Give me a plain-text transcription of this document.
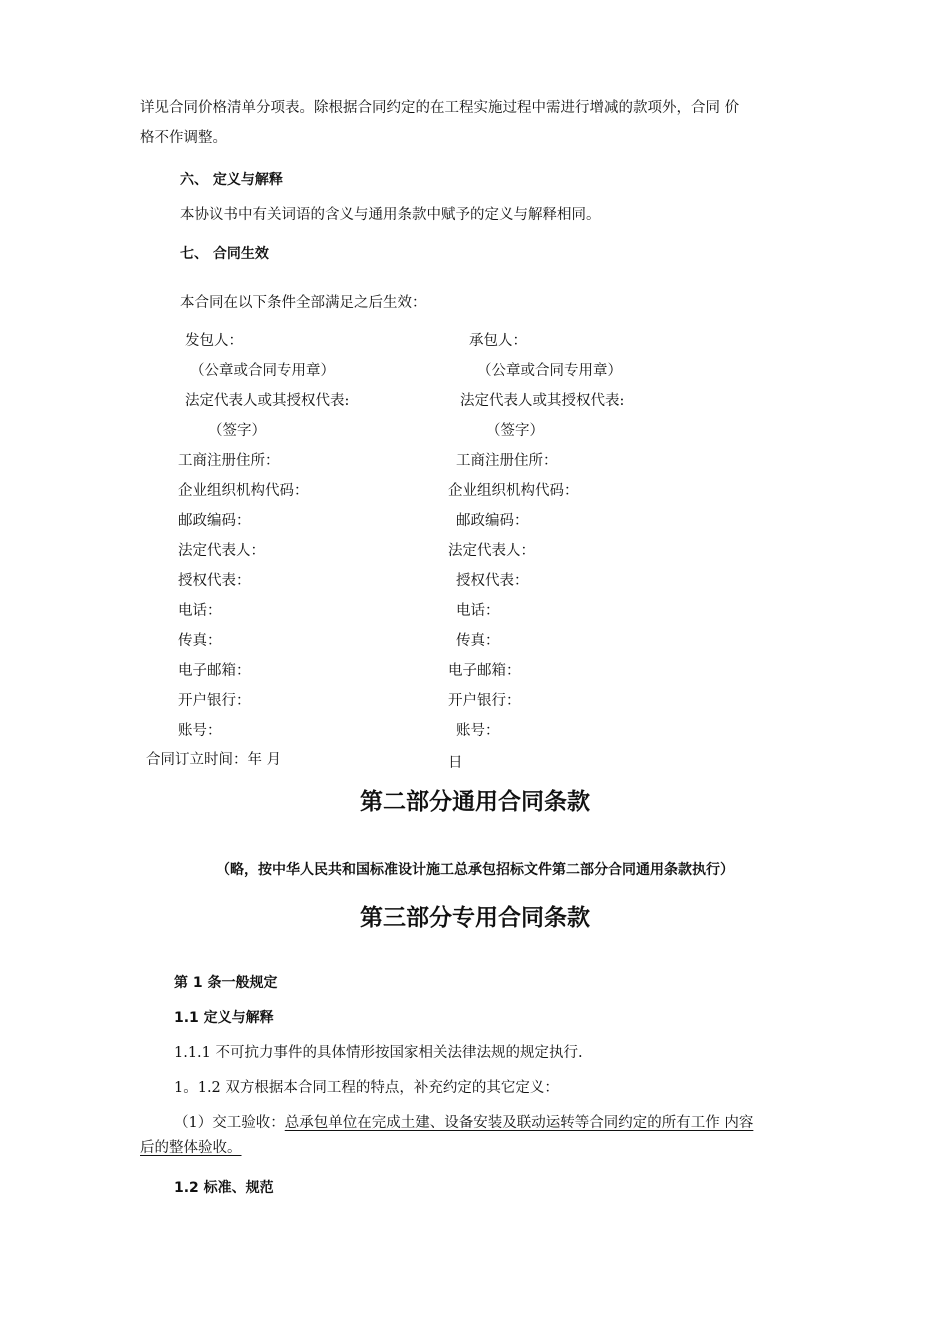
详见合同价格清单分项表。除根据合同约定的在工程实施过程中需进行增减的款项外，合同 价
格不作调整。
六、 定义与解释
本协议书中有关词语的含义与通用条款中赋予的定义与解释相同。
七、 合同生效
本合同在以下条件全部满足之后生效：
发包人：
（公章或合同专用章）
法定代表人或其授权代表:
（签字）
工商注册住所：
企业组织机构代码：
邮政编码：
法定代表人：
授权代表：
电话：
传真：
电子邮箱：
开户银行：
账号：
承包人：
（公章或合同专用章）
法定代表人或其授权代表:
（签字）
工商注册住所：
企业组织机构代码：
邮政编码：
法定代表人：
授权代表：
电话：
传真：
电子邮箱：
开户银行：
账号：
合同订立时间：年 月	日
第二部分通用合同条款
（略，按中华人民共和国标准设计施工总承包招标文件第二部分合同通用条款执行）
第三部分专用合同条款
第 1 条一般规定
1.1 定义与解释
1.1.1 不可抗力事件的具体情形按国家相关法律法规的规定执行.
1。1.2 双方根据本合同工程的特点，补充约定的其它定义：
（1）交工验收：总承包单位在完成土建、设备安装及联动运转等合同约定的所有工作 内容
后的整体验收。
1.2 标准、规范
